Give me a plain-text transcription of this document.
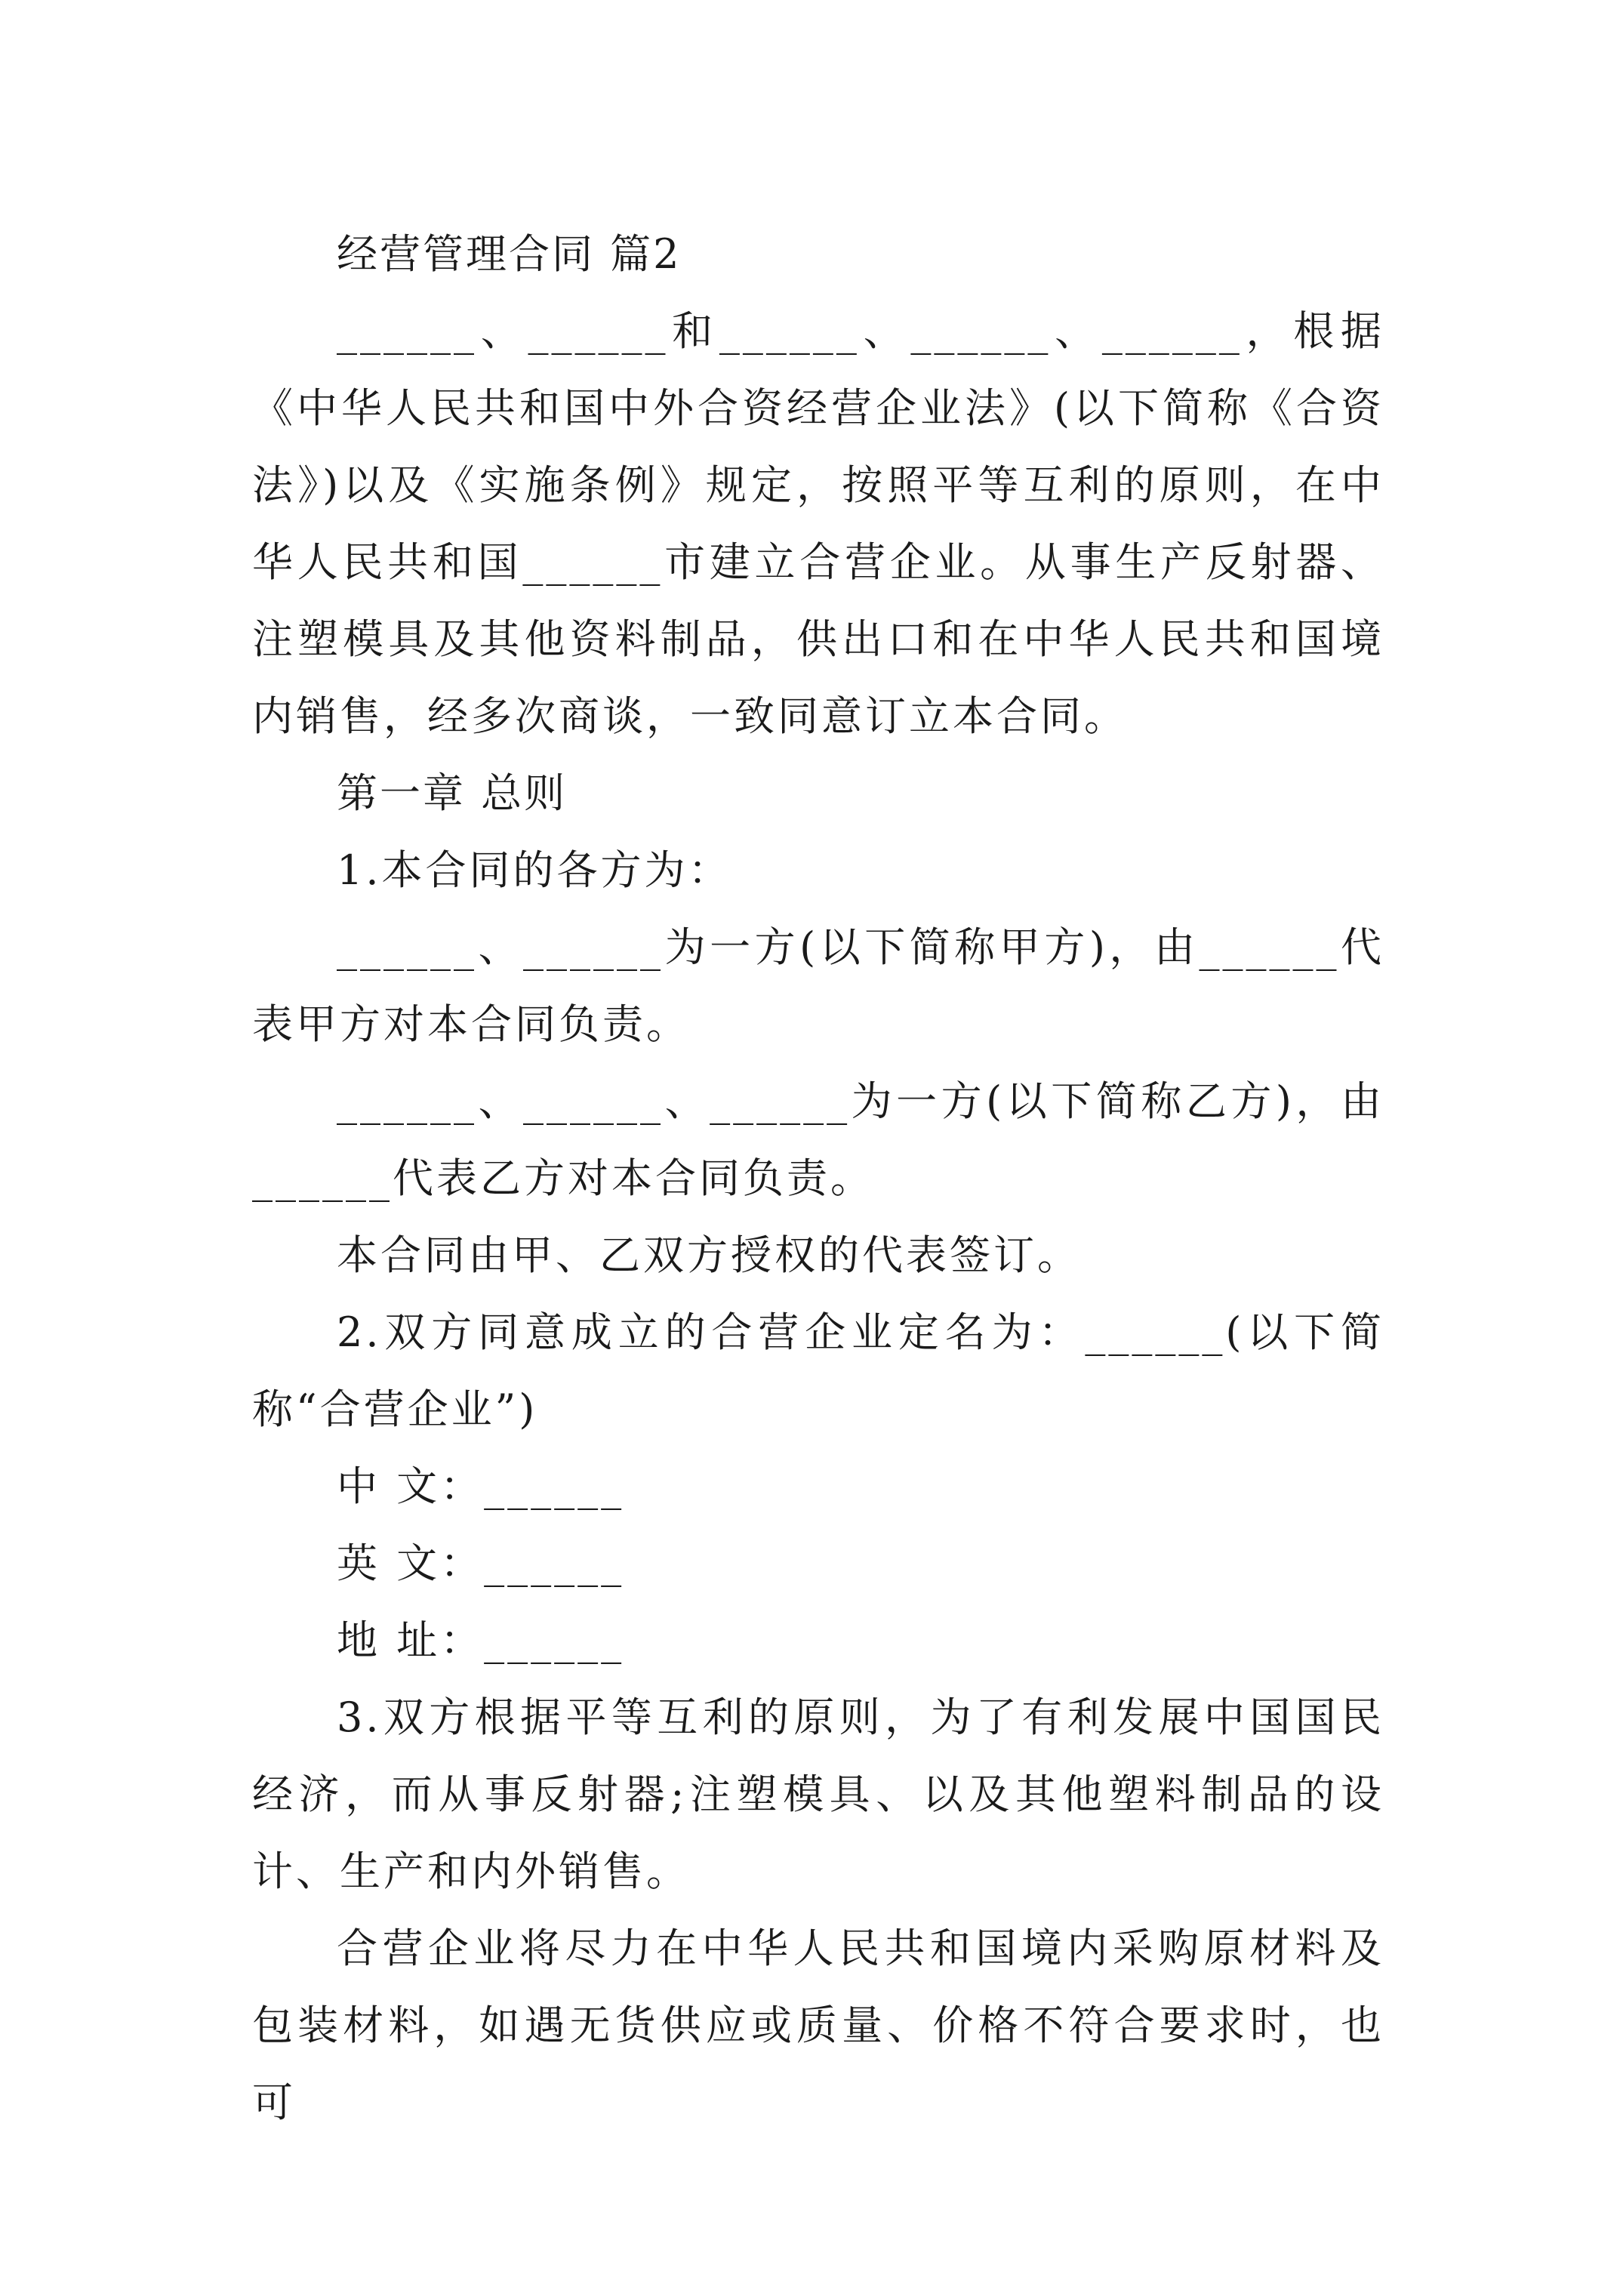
经营管理合同 篇2

______、______和______、______、______，根据《中华人民共和国中外合资经营企业法》(以下简称《合资法》)以及《实施条例》规定，按照平等互利的原则，在中华人民共和国______市建立合营企业。从事生产反射器、注塑模具及其他资料制品，供出口和在中华人民共和国境内销售，经多次商谈，一致同意订立本合同。

第一章 总则

1.本合同的各方为：

______、______为一方(以下简称甲方)，由______代表甲方对本合同负责。

______、______、______为一方(以下简称乙方)，由______代表乙方对本合同负责。

本合同由甲、乙双方授权的代表签订。

2.双方同意成立的合营企业定名为：______(以下简称“合营企业”)

中 文：______

英 文：______

地 址：______

3.双方根据平等互利的原则，为了有利发展中国国民经济，而从事反射器;注塑模具、以及其他塑料制品的设计、生产和内外销售。

合营企业将尽力在中华人民共和国境内采购原材料及包装材料，如遇无货供应或质量、价格不符合要求时，也可
